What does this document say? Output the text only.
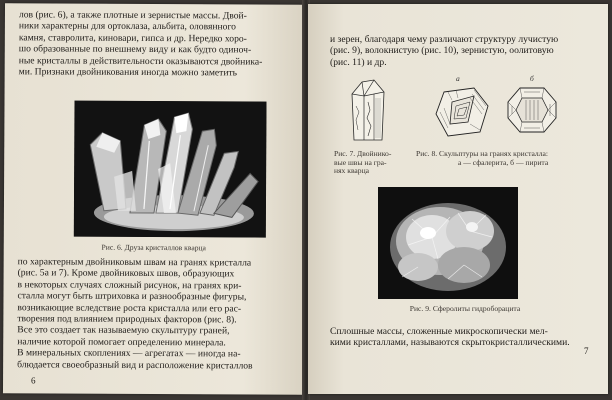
лов (рис. 6), а также плотные и зернистые массы. Двой-
ники характерны для ортоклаза, альбита, оловянного
камня, ставролита, киновари, гипса и др. Нередко хоро-
шо образованные по внешнему виду и как будто одиноч-
ные кристаллы в действительности оказываются двойника-
ми. Признаки двойникования иногда можно заметить
Рис. 6. Друза кристаллов кварца
по характерным двойниковым швам на гранях кристалла
(рис. 5а и 7). Кроме двойниковых швов, образующих
в некоторых случаях сложный рисунок, на гранях кри-
сталла могут быть штриховка и разнообразные фигуры,
возникающие вследствие роста кристалла или его рас-
творения под влиянием природных факторов (рис. 8).
Все это создает так называемую скульптуру граней,
наличие которой помогает определению минерала.
В минеральных скоплениях — агрегатах — иногда на-
блюдается своеобразный вид и расположение кристаллов
6
и зерен, благодаря чему различают структуру лучистую
(рис. 9), волокнистую (рис. 10), зернистую, оолитовую
(рис. 11) и др.
Рис. 7. Двойнико-
вые швы на гра-
нях кварца
а	б
Рис. 8. Скульптуры на гранях кристалла:
а — сфалерита, б — пирита
Рис. 9. Сферолиты гидроборацита
Сплошные массы, сложенные микроскопически мел-
кими кристаллами, называются скрытокристаллическими.
7
